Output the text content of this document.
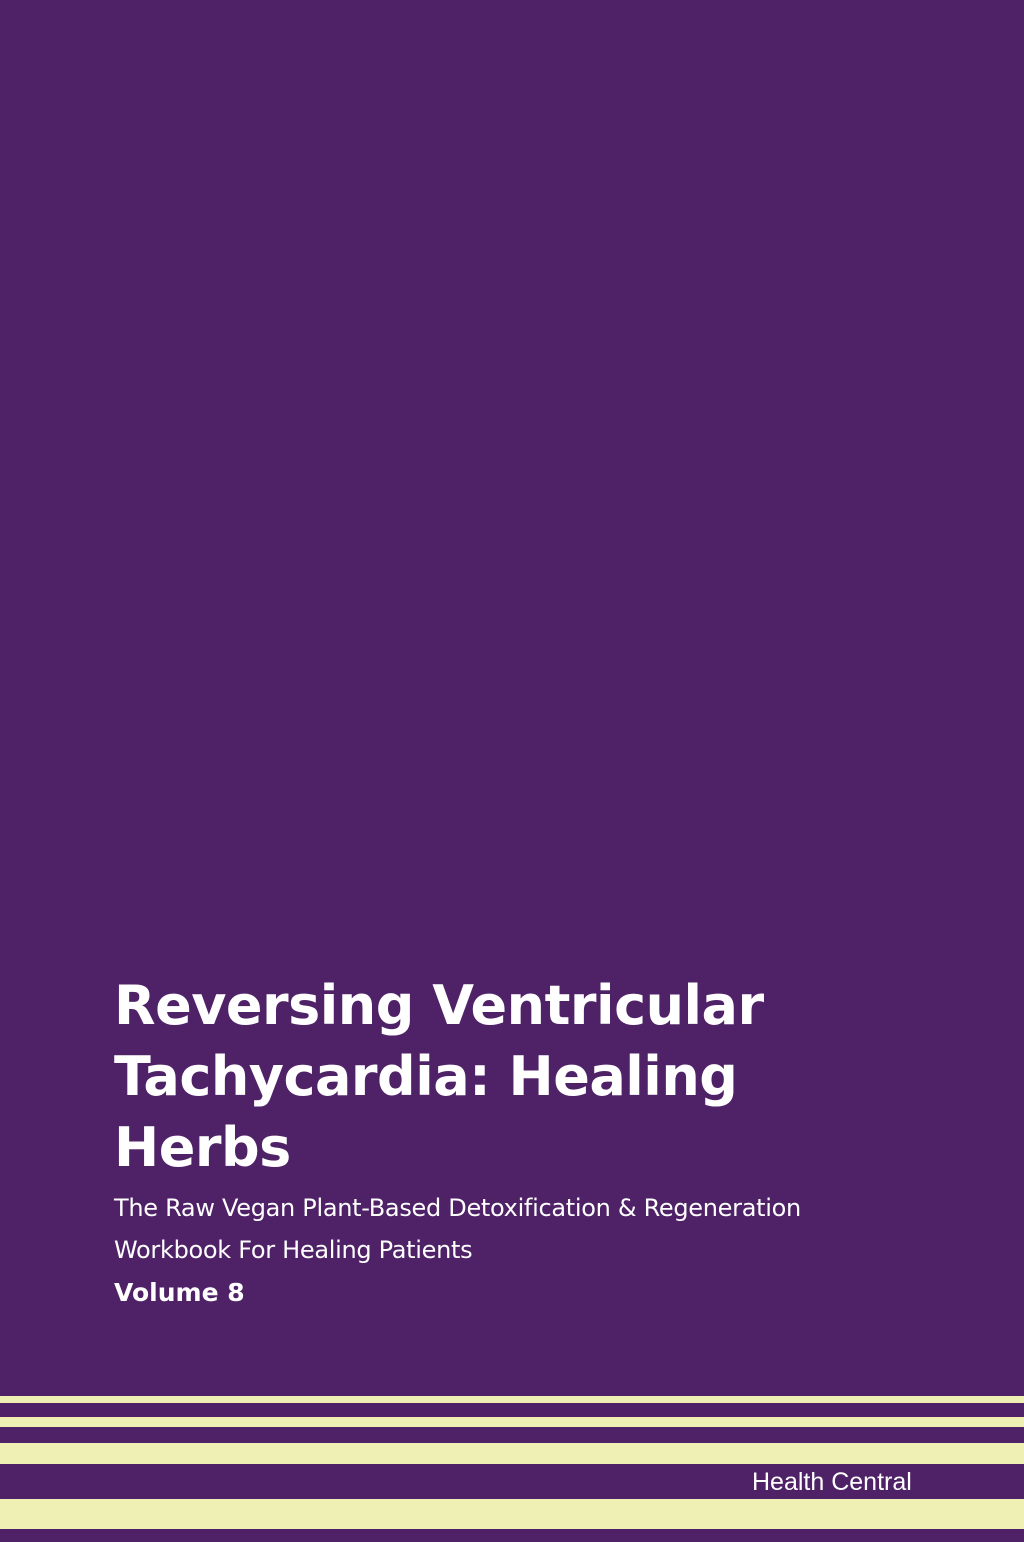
Reversing Ventricular
Tachycardia: Healing
Herbs
The Raw Vegan Plant-Based Detoxification & Regeneration
Workbook For Healing Patients
Volume 8
Health Central
